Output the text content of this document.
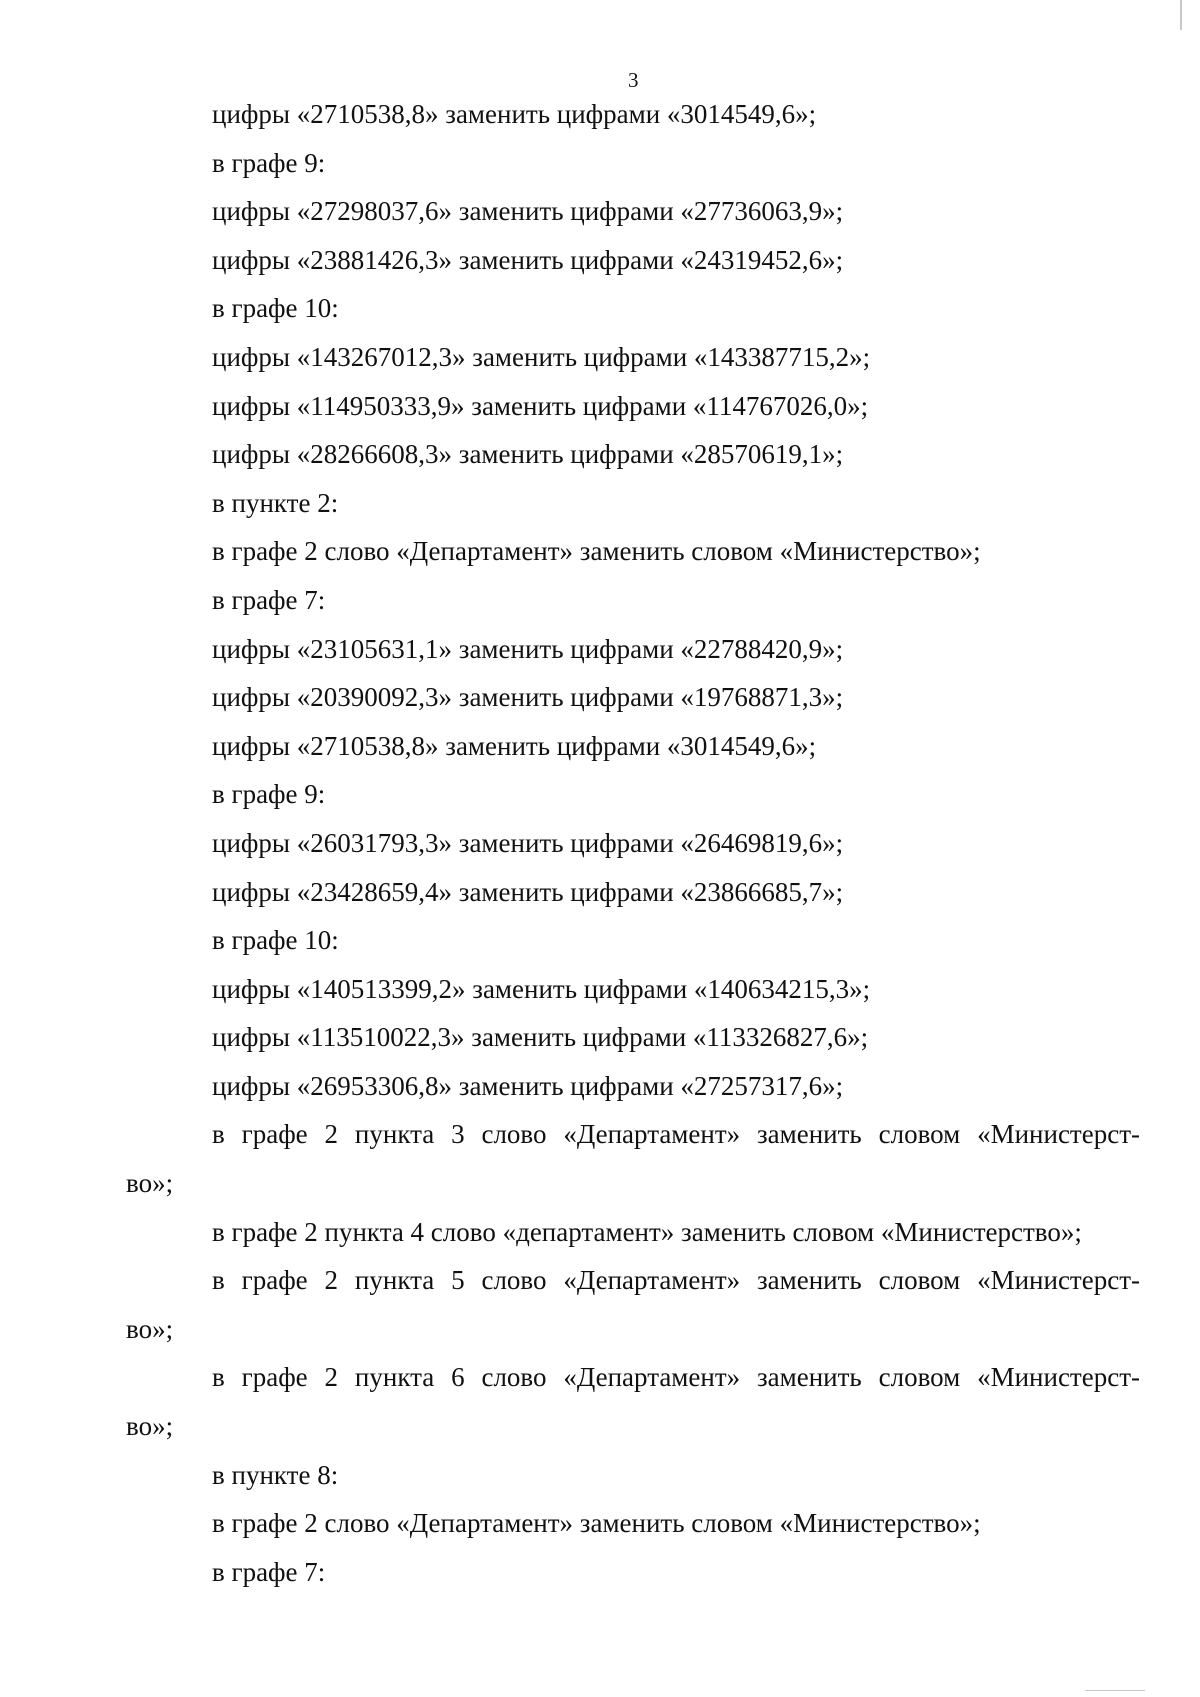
3
цифры «2710538,8» заменить цифрами «3014549,6»;
в графе 9:
цифры «27298037,6» заменить цифрами «27736063,9»;
цифры «23881426,3» заменить цифрами «24319452,6»;
в графе 10:
цифры «143267012,3» заменить цифрами «143387715,2»;
цифры «114950333,9» заменить цифрами «114767026,0»;
цифры «28266608,3» заменить цифрами «28570619,1»;
в пункте 2:
в графе 2 слово «Департамент» заменить словом «Министерство»;
в графе 7:
цифры «23105631,1» заменить цифрами «22788420,9»;
цифры «20390092,3» заменить цифрами «19768871,3»;
цифры «2710538,8» заменить цифрами «3014549,6»;
в графе 9:
цифры «26031793,3» заменить цифрами «26469819,6»;
цифры «23428659,4» заменить цифрами «23866685,7»;
в графе 10:
цифры «140513399,2» заменить цифрами «140634215,3»;
цифры «113510022,3» заменить цифрами «113326827,6»;
цифры «26953306,8» заменить цифрами «27257317,6»;
в графе 2 пункта 3 слово «Департамент» заменить словом «Министерст-
во»;
в графе 2 пункта 4 слово «департамент» заменить словом «Министерство»;
в графе 2 пункта 5 слово «Департамент» заменить словом «Министерст-
во»;
в графе 2 пункта 6 слово «Департамент» заменить словом «Министерст-
во»;
в пункте 8:
в графе 2 слово «Департамент» заменить словом «Министерство»;
в графе 7:
